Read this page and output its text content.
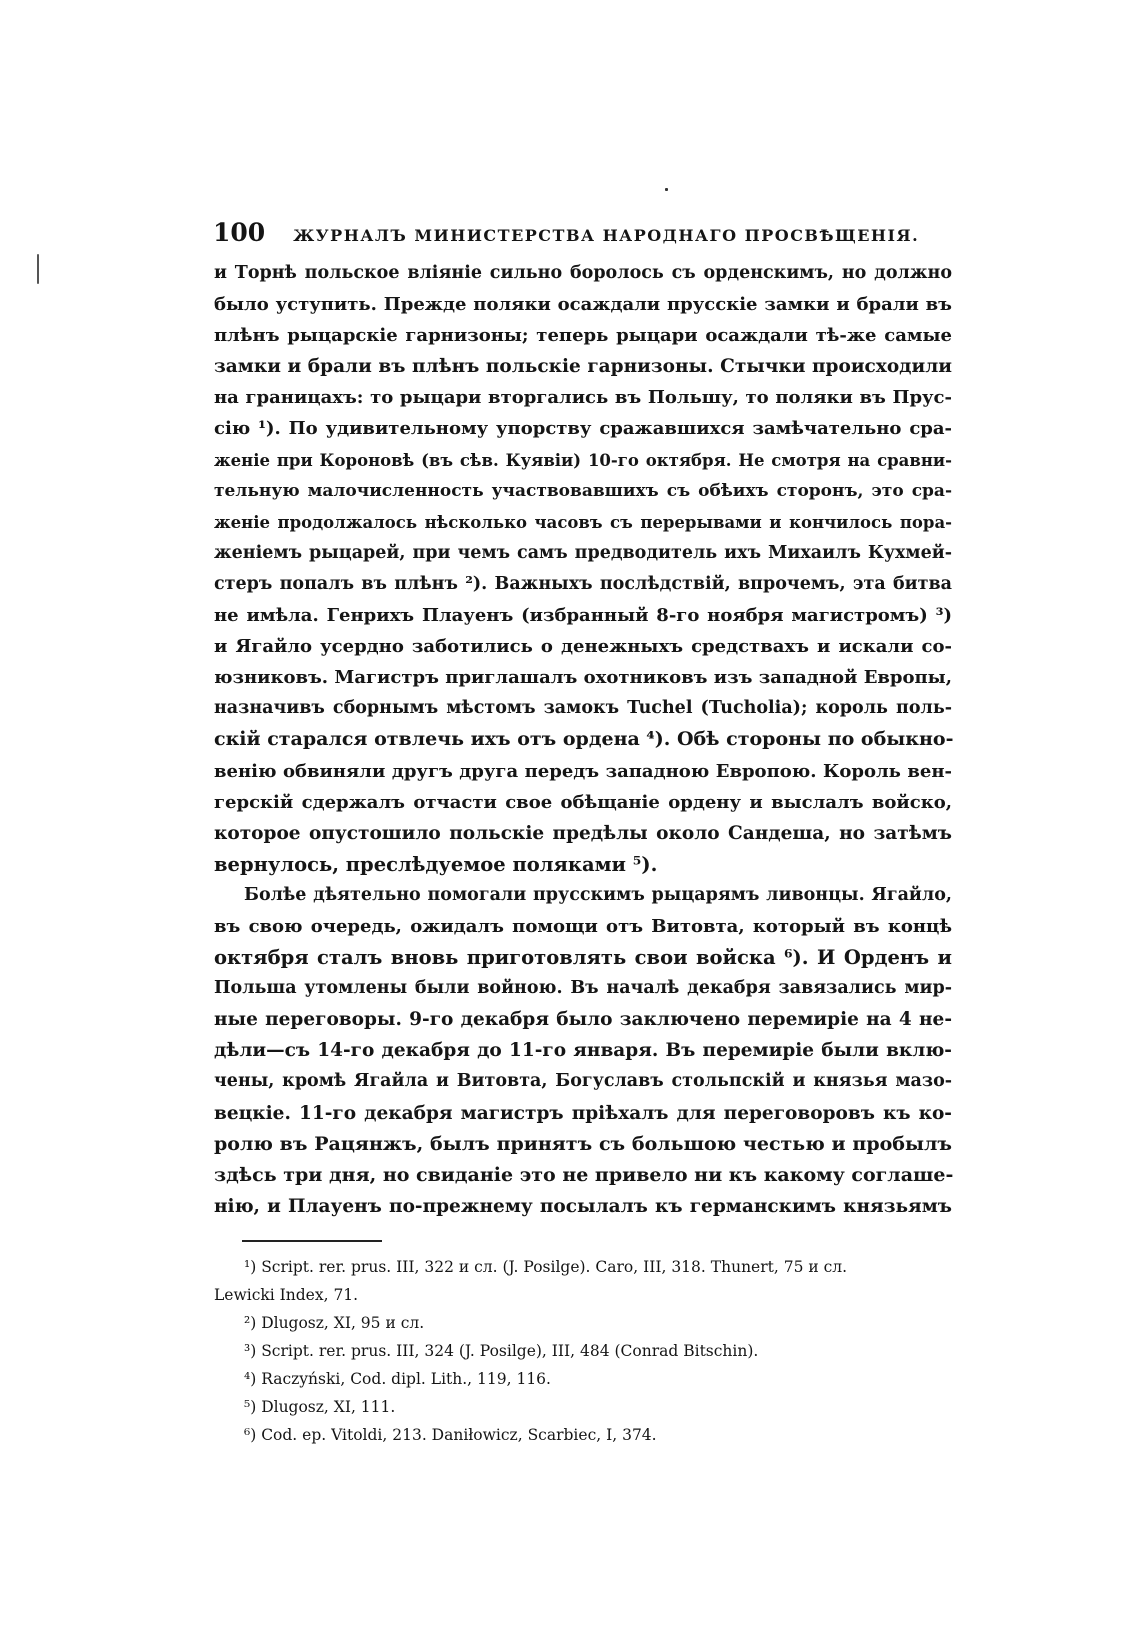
100 ЖУРНАЛЪ МИНИСТЕРСТВА НАРОДНАГО ПРОСВѢЩЕНІЯ.
и Торнѣ польское вліяніе сильно боролось съ орденскимъ, но должно
было уступить. Прежде поляки осаждали прусскіе замки и брали въ
плѣнъ рыцарскіе гарнизоны; теперь рыцари осаждали тѣ-же самые
замки и брали въ плѣнъ польскіе гарнизоны. Стычки происходили
на границахъ: то рыцари вторгались въ Польшу, то поляки въ Прус-
сію ¹). По удивительному упорству сражавшихся замѣчательно сра-
женіе при Короновѣ (въ сѣв. Куявіи) 10-го октября. Не смотря на сравни-
тельную малочисленность участвовавшихъ съ обѣихъ сторонъ, это сра-
женіе продолжалось нѣсколько часовъ съ перерывами и кончилось пора-
женіемъ рыцарей, при чемъ самъ предводитель ихъ Михаилъ Кухмей-
стеръ попалъ въ плѣнъ ²). Важныхъ послѣдствій, впрочемъ, эта битва
не имѣла. Генрихъ Плауенъ (избранный 8-го ноября магистромъ) ³)
и Ягайло усердно заботились о денежныхъ средствахъ и искали со-
юзниковъ. Магистръ приглашалъ охотниковъ изъ западной Европы,
назначивъ сборнымъ мѣстомъ замокъ Tuchel (Tucholia); король поль-
скій старался отвлечь ихъ отъ ордена ⁴). Обѣ стороны по обыкно-
венію обвиняли другъ друга передъ западною Европою. Король вен-
герскій сдержалъ отчасти свое обѣщаніе ордену и выслалъ войско,
которое опустошило польскіе предѣлы около Сандеша, но затѣмъ
вернулось, преслѣдуемое поляками ⁵).
Болѣе дѣятельно помогали прусскимъ рыцарямъ ливонцы. Ягайло,
въ свою очередь, ожидалъ помощи отъ Витовта, который въ концѣ
октября сталъ вновь приготовлять свои войска ⁶). И Орденъ и
Польша утомлены были войною. Въ началѣ декабря завязались мир-
ные переговоры. 9-го декабря было заключено перемиріе на 4 не-
дѣли—съ 14-го декабря до 11-го января. Въ перемиріе были вклю-
чены, кромѣ Ягайла и Витовта, Богуславъ стольпскій и князья мазо-
вецкіе. 11-го декабря магистръ пріѣхалъ для переговоровъ къ ко-
ролю въ Рацянжъ, былъ принятъ съ большою честью и пробылъ
здѣсь три дня, но свиданіе это не привело ни къ какому соглаше-
нію, и Плауенъ по-прежнему посылалъ къ германскимъ князьямъ
¹) Script. rer. prus. III, 322 и сл. (J. Posilge). Caro, III, 318. Thunert, 75 и сл.
Lewicki Index, 71.
²) Dlugosz, XI, 95 и сл.
³) Script. rer. prus. III, 324 (J. Posilge), III, 484 (Conrad Bitschin).
⁴) Raczyński, Cod. dipl. Lith., 119, 116.
⁵) Dlugosz, XI, 111.
⁶) Cod. ep. Vitoldi, 213. Daniłowicz, Scarbiec, I, 374.
